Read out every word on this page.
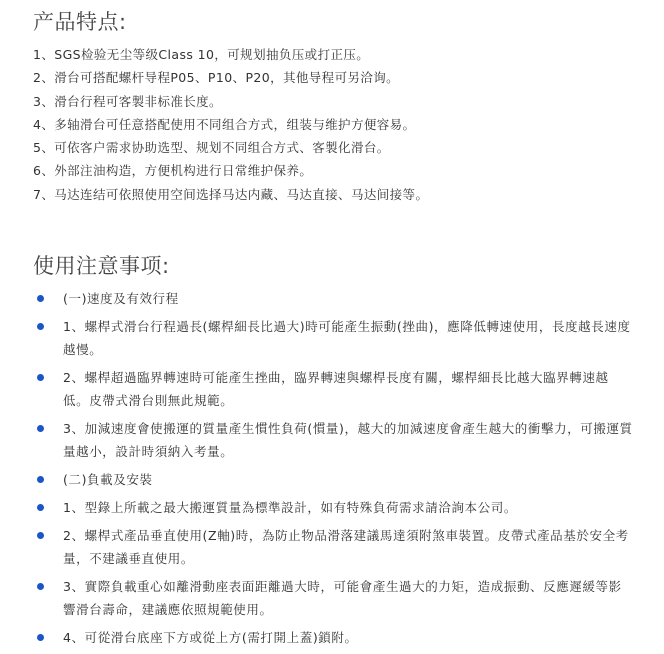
产品特点:
1、SGS检验无尘等级Class 10，可规划抽负压或打正压。
2、滑台可搭配螺杆导程P05、P10、P20，其他导程可另洽询。
3、滑台行程可客製非标准长度。
4、多轴滑台可任意搭配使用不同组合方式，组装与维护方便容易。
5、可依客户需求协助选型、规划不同组合方式、客製化滑台。
6、外部注油构造，方便机构进行日常维护保养。
7、马达连结可依照使用空间选择马达内藏、马达直接、马达间接等。
使用注意事项:
(一)速度及有效行程
1、螺桿式滑台行程過長(螺桿細長比過大)時可能產生振動(挫曲)，應降低轉速使用，長度越長速度越慢。
2、螺桿超過臨界轉速時可能產生挫曲，臨界轉速與螺桿長度有關，螺桿細長比越大臨界轉速越低。皮帶式滑台則無此規範。
3、加減速度會使搬運的質量產生慣性負荷(慣量)，越大的加減速度會產生越大的衝擊力，可搬運質量越小，設計時須納入考量。
(二)負載及安裝
1、型錄上所載之最大搬運質量為標準設計，如有特殊負荷需求請洽詢本公司。
2、螺桿式產品垂直使用(Z軸)時，為防止物品滑落建議馬達須附煞車裝置。皮帶式產品基於安全考量，不建議垂直使用。
3、實際負載重心如離滑動座表面距離過大時，可能會產生過大的力矩，造成振動、反應遲緩等影響滑台壽命，建議應依照規範使用。
4、可從滑台底座下方或從上方(需打開上蓋)鎖附。
